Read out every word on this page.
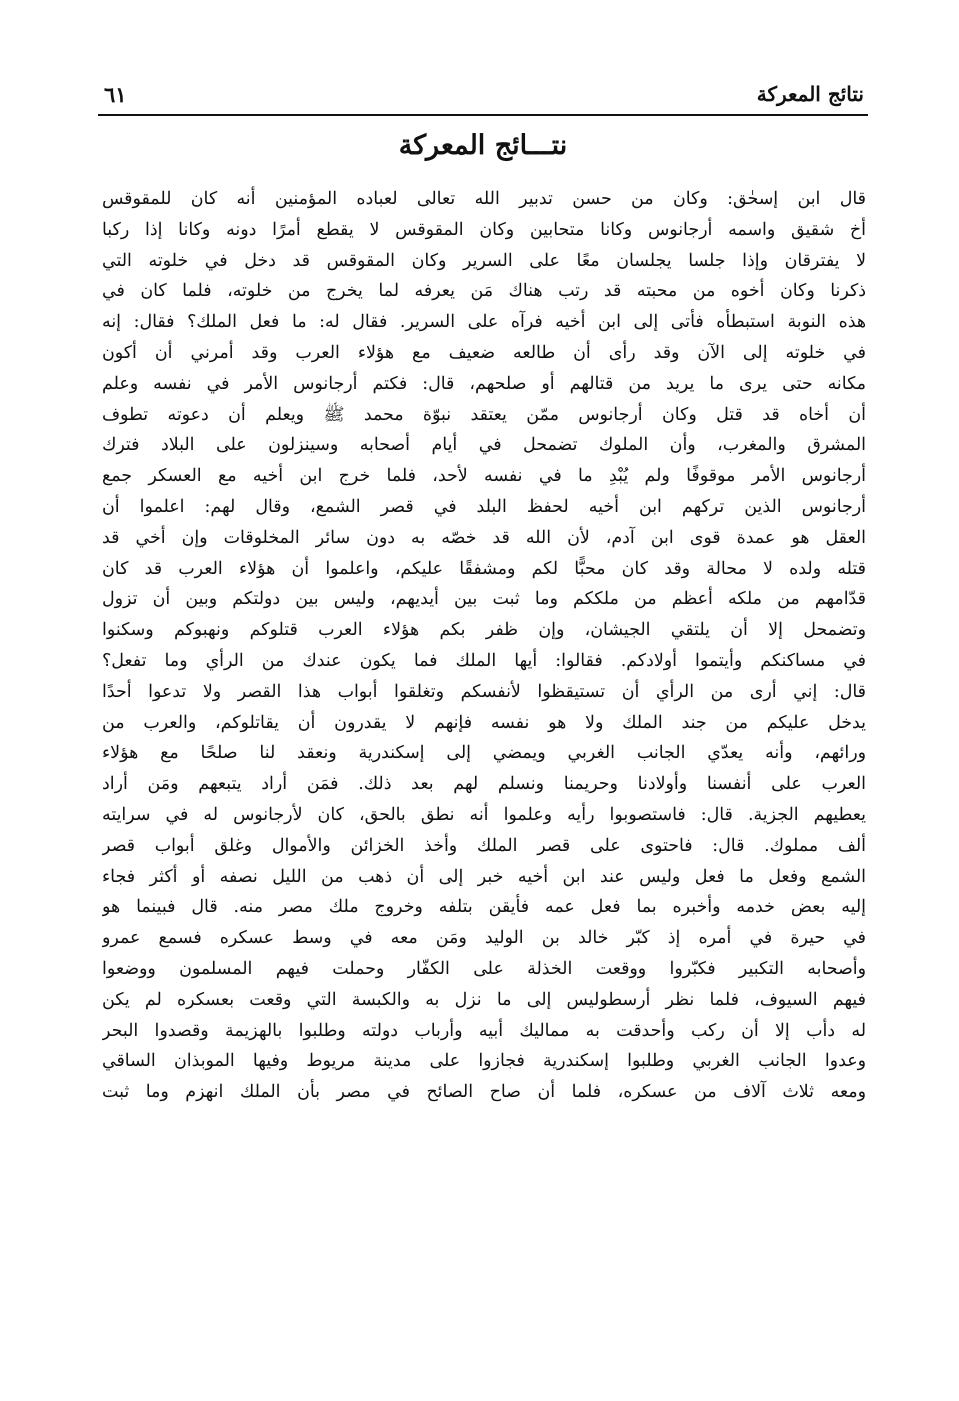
نتائج المعركة
٦١
نتـــائج المعركة
قال ابن إسحٰق: وكان من حسن تدبير الله تعالى لعباده المؤمنين أنه كان للمقوقس
أخ شقيق واسمه أرجانوس وكانا متحابين وكان المقوقس لا يقطع أمرًا دونه وكانا إذا ركبا
لا يفترقان وإذا جلسا يجلسان معًا على السرير وكان المقوقس قد دخل في خلوته التي
ذكرنا وكان أخوه من محبته قد رتب هناك مَن يعرفه لما يخرج من خلوته، فلما كان في
هذه النوبة استبطأه فأتى إلى ابن أخيه فرآه على السرير. فقال له: ما فعل الملك؟ فقال: إنه
في خلوته إلى الآن وقد رأى أن طالعه ضعيف مع هؤلاء العرب وقد أمرني أن أكون
مكانه حتى يرى ما يريد من قتالهم أو صلحهم، قال: فكتم أرجانوس الأمر في نفسه وعلم
أن أخاه قد قتل وكان أرجانوس ممّن يعتقد نبوّة محمد ﷺ ويعلم أن دعوته تطوف
المشرق والمغرب، وأن الملوك تضمحل في أيام أصحابه وسينزلون على البلاد فترك
أرجانوس الأمر موقوفًا ولم يُبْدِ ما في نفسه لأحد، فلما خرج ابن أخيه مع العسكر جمع
أرجانوس الذين تركهم ابن أخيه لحفظ البلد في قصر الشمع، وقال لهم: اعلموا أن
العقل هو عمدة قوى ابن آدم، لأن الله قد خصّه به دون سائر المخلوقات وإن أخي قد
قتله ولده لا محالة وقد كان محبًّا لكم ومشفقًا عليكم، واعلموا أن هؤلاء العرب قد كان
قدّامهم من ملكه أعظم من ملككم وما ثبت بين أيديهم، وليس بين دولتكم وبين أن تزول
وتضمحل إلا أن يلتقي الجيشان، وإن ظفر بكم هؤلاء العرب قتلوكم ونهبوكم وسكنوا
في مساكنكم وأيتموا أولادكم. فقالوا: أيها الملك فما يكون عندك من الرأي وما تفعل؟
قال: إني أرى من الرأي أن تستيقظوا لأنفسكم وتغلقوا أبواب هذا القصر ولا تدعوا أحدًا
يدخل عليكم من جند الملك ولا هو نفسه فإنهم لا يقدرون أن يقاتلوكم، والعرب من
ورائهم، وأنه يعدّي الجانب الغربي ويمضي إلى إسكندرية ونعقد لنا صلحًا مع هؤلاء
العرب على أنفسنا وأولادنا وحريمنا ونسلم لهم بعد ذلك. فمَن أراد يتبعهم ومَن أراد
يعطيهم الجزية. قال: فاستصوبوا رأيه وعلموا أنه نطق بالحق، كان لأرجانوس له في سرايته
ألف مملوك. قال: فاحتوى على قصر الملك وأخذ الخزائن والأموال وغلق أبواب قصر
الشمع وفعل ما فعل وليس عند ابن أخيه خبر إلى أن ذهب من الليل نصفه أو أكثر فجاء
إليه بعض خدمه وأخبره بما فعل عمه فأيقن بتلفه وخروج ملك مصر منه. قال فبينما هو
في حيرة في أمره إذ كبّر خالد بن الوليد ومَن معه في وسط عسكره فسمع عمرو
وأصحابه التكبير فكبّروا ووقعت الخذلة على الكفّار وحملت فيهم المسلمون ووضعوا
فيهم السيوف، فلما نظر أرسطوليس إلى ما نزل به والكبسة التي وقعت بعسكره لم يكن
له دأب إلا أن ركب وأحدقت به مماليك أبيه وأرباب دولته وطلبوا بالهزيمة وقصدوا البحر
وعدوا الجانب الغربي وطلبوا إسكندرية فجازوا على مدينة مريوط وفيها الموبذان الساقي
ومعه ثلاث آلاف من عسكره، فلما أن صاح الصائح في مصر بأن الملك انهزم وما ثبت
